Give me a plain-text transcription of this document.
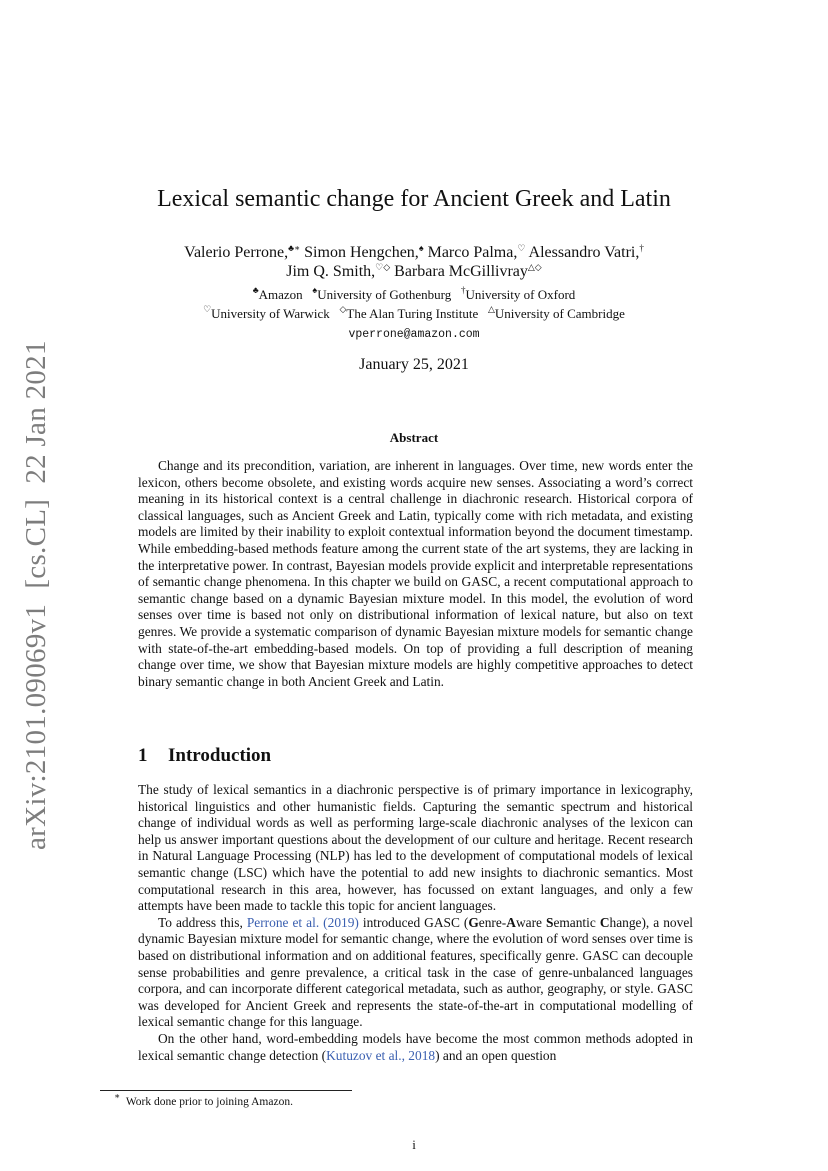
arXiv:2101.09069v1  [cs.CL]  22 Jan 2021
Lexical semantic change for Ancient Greek and Latin
Valerio Perrone,♣∗ Simon Hengchen,♠ Marco Palma,♡ Alessandro Vatri,†
Jim Q. Smith,♡◇ Barbara McGillivray△◇
♣Amazon ♠University of Gothenburg †University of Oxford
♡University of Warwick ◇The Alan Turing Institute △University of Cambridge
vperrone@amazon.com
January 25, 2021
Abstract
Change and its precondition, variation, are inherent in languages. Over time, new words enter the lexicon, others become obsolete, and existing words acquire new senses. Associating a word’s correct meaning in its historical context is a central challenge in diachronic research. Historical corpora of classical languages, such as Ancient Greek and Latin, typically come with rich metadata, and existing models are limited by their inability to exploit contextual information beyond the document timestamp. While embedding-based methods feature among the current state of the art systems, they are lacking in the interpretative power. In contrast, Bayesian models provide explicit and interpretable representations of semantic change phenomena. In this chapter we build on GASC, a recent computational approach to semantic change based on a dynamic Bayesian mixture model. In this model, the evolution of word senses over time is based not only on distributional information of lexical nature, but also on text genres. We provide a systematic comparison of dynamic Bayesian mixture models for semantic change with state-of-the-art embedding-based models. On top of providing a full description of meaning change over time, we show that Bayesian mixture models are highly competitive approaches to detect binary semantic change in both Ancient Greek and Latin.
1 Introduction

The study of lexical semantics in a diachronic perspective is of primary importance in lexicography, historical linguistics and other humanistic fields. Capturing the semantic spectrum and historical change of individual words as well as performing large-scale diachronic analyses of the lexicon can help us answer important questions about the development of our culture and heritage. Recent research in Natural Language Processing (NLP) has led to the development of computational models of lexical semantic change (LSC) which have the potential to add new insights to diachronic semantics. Most computational research in this area, however, has focussed on extant languages, and only a few attempts have been made to tackle this topic for ancient languages.

To address this, Perrone et al. (2019) introduced GASC (Genre-Aware Semantic Change), a novel dynamic Bayesian mixture model for semantic change, where the evolution of word senses over time is based on distributional information and on additional features, specifically genre. GASC can decouple sense probabilities and genre prevalence, a critical task in the case of genre-unbalanced languages corpora, and can incorporate different categorical metadata, such as author, geography, or style. GASC was developed for Ancient Greek and represents the state-of-the-art in computational modelling of lexical semantic change for this language.

On the other hand, word-embedding models have become the most common methods adopted in lexical semantic change detection (Kutuzov et al., 2018) and an open question

∗ Work done prior to joining Amazon.
i
